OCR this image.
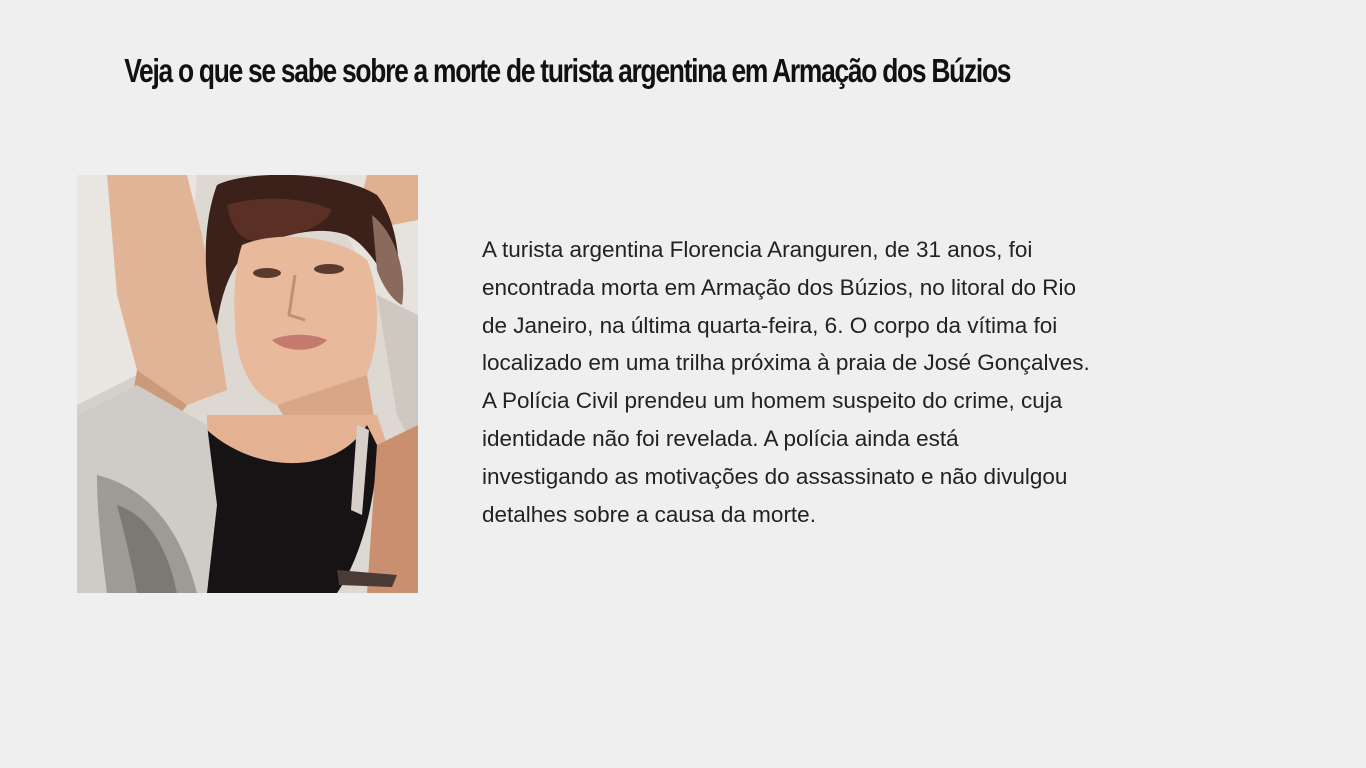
Veja o que se sabe sobre a morte de turista argentina em Armação dos Búzios
A turista argentina Florencia Aranguren, de 31 anos, foi
encontrada morta em Armação dos Búzios, no litoral do Rio
de Janeiro, na última quarta-feira, 6. O corpo da vítima foi
localizado em uma trilha próxima à praia de José Gonçalves.
A Polícia Civil prendeu um homem suspeito do crime, cuja
identidade não foi revelada. A polícia ainda está
investigando as motivações do assassinato e não divulgou
detalhes sobre a causa da morte.
